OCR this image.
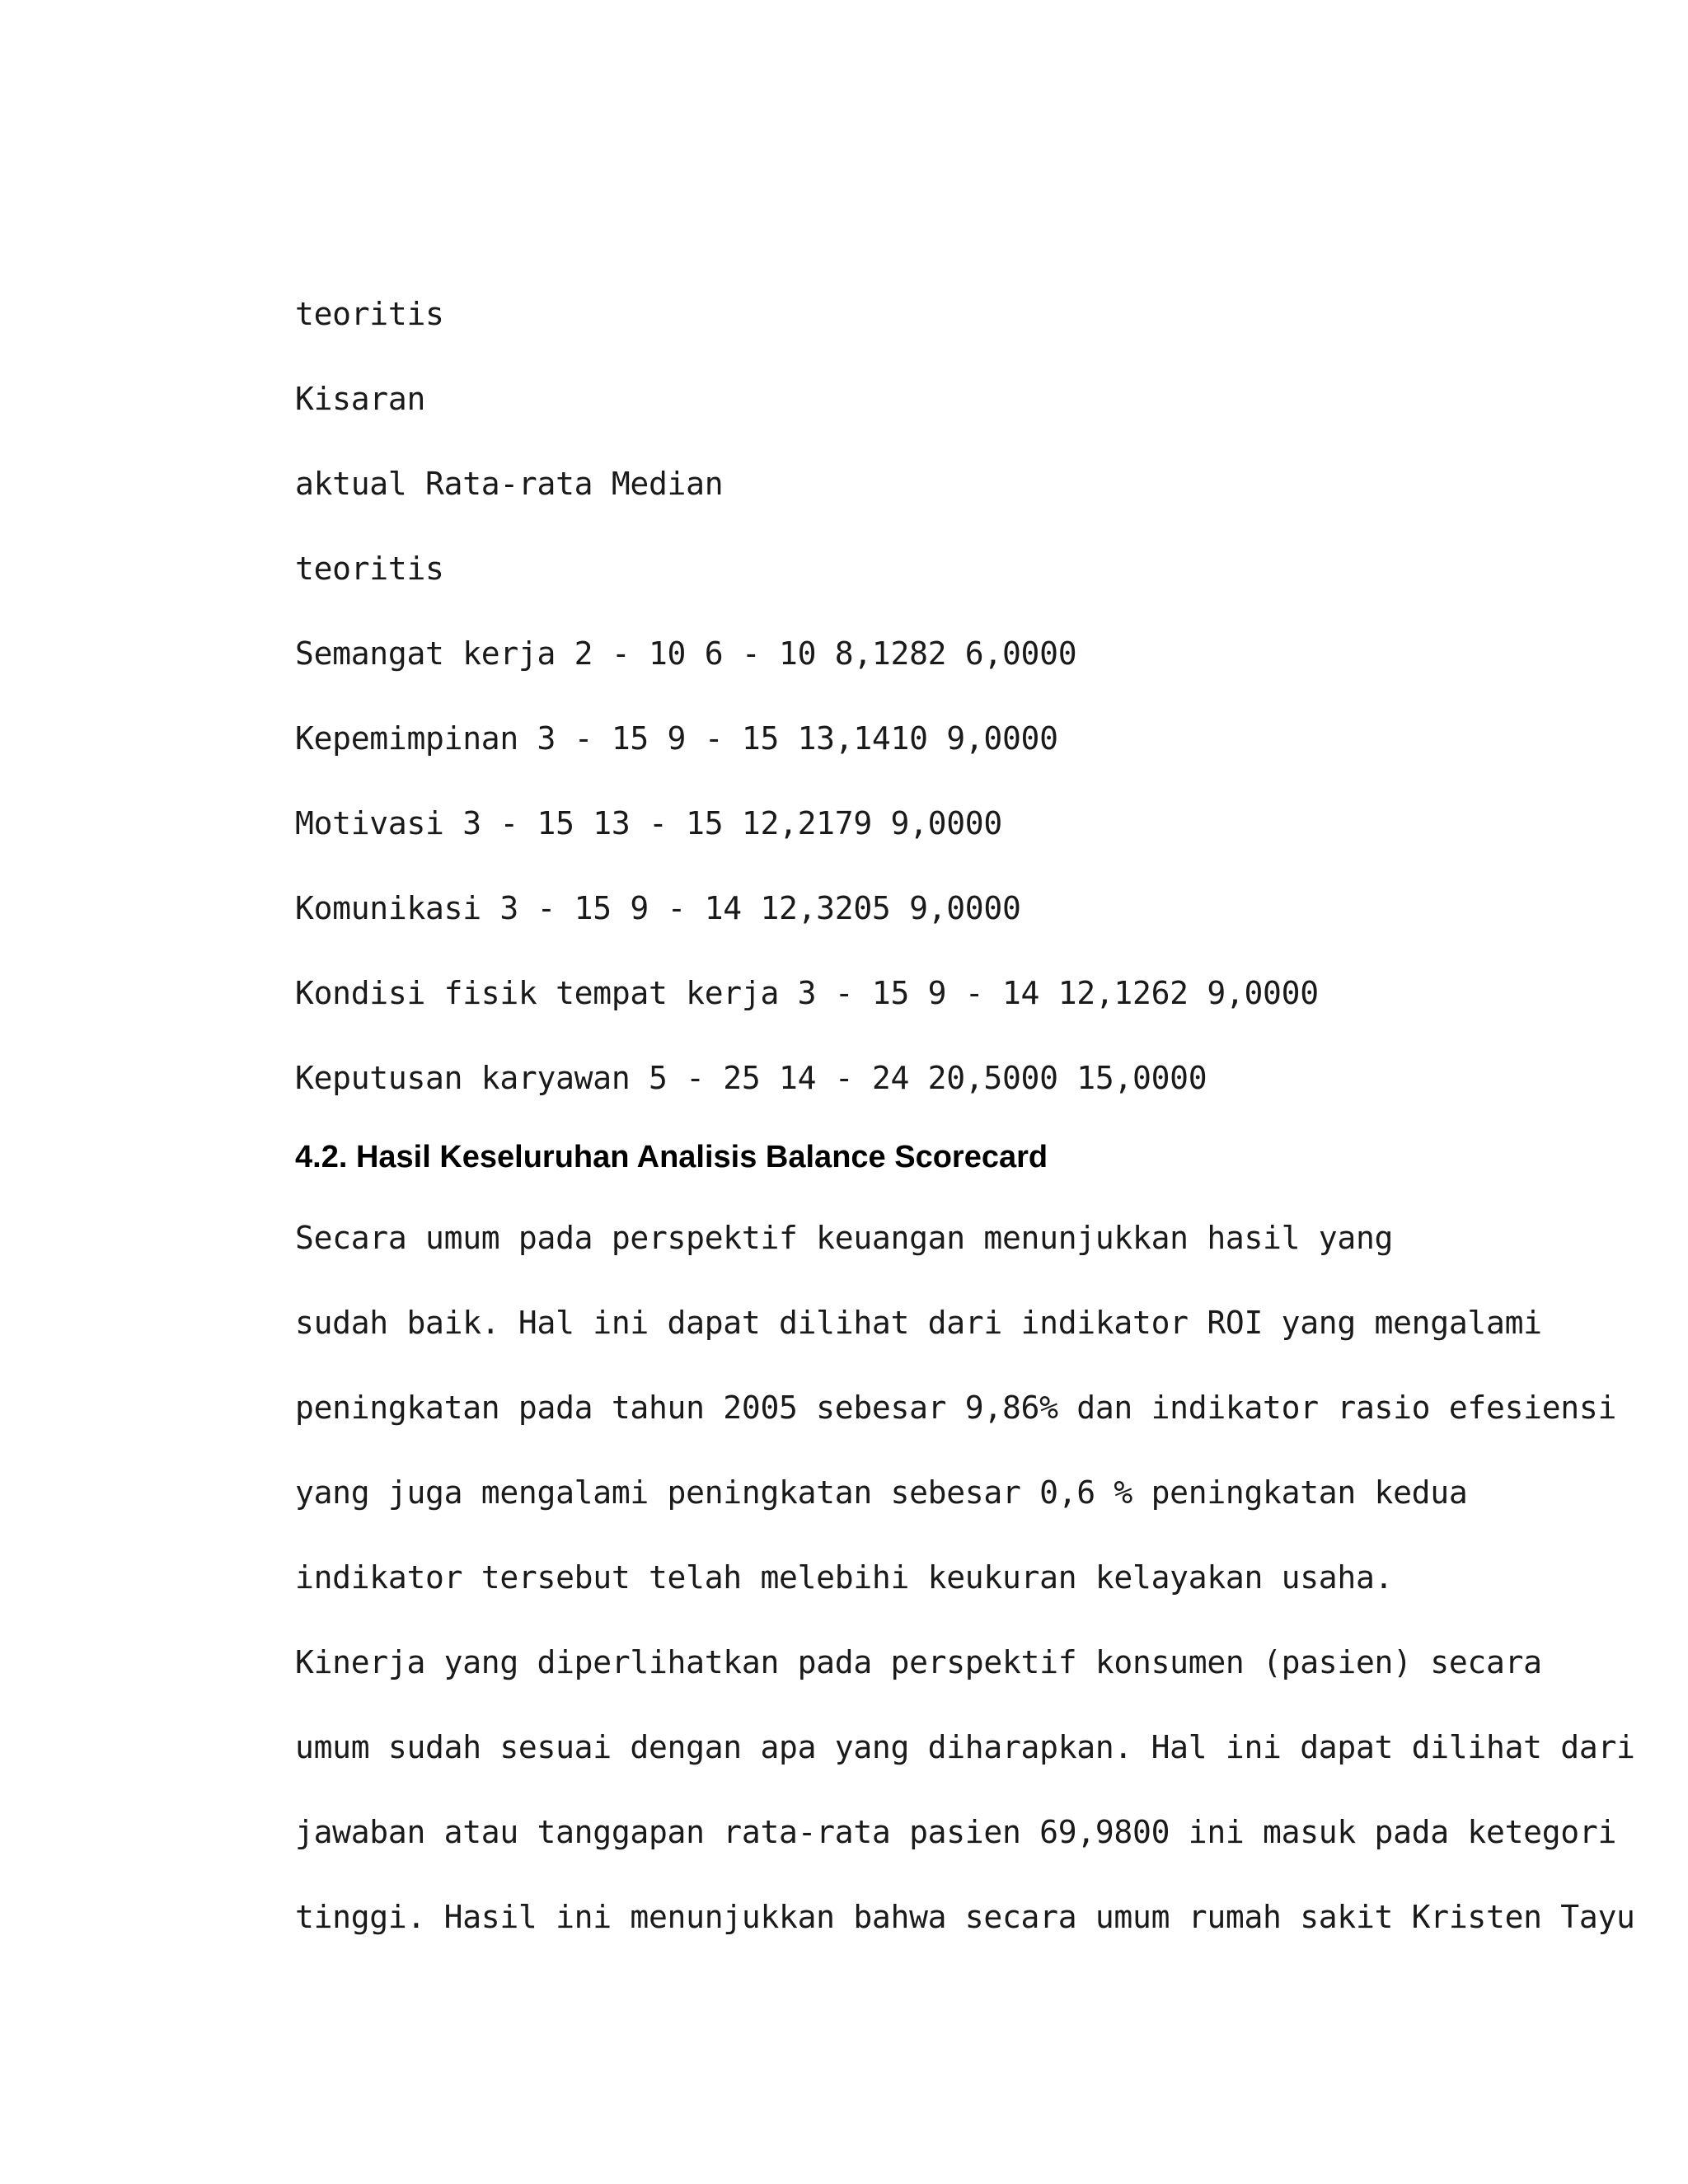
teoritis

Kisaran

aktual Rata-rata Median

teoritis

Semangat kerja 2 - 10 6 - 10 8,1282 6,0000

Kepemimpinan 3 - 15 9 - 15 13,1410 9,0000

Motivasi 3 - 15 13 - 15 12,2179 9,0000

Komunikasi 3 - 15 9 - 14 12,3205 9,0000

Kondisi fisik tempat kerja 3 - 15 9 - 14 12,1262 9,0000

Keputusan karyawan 5 - 25 14 - 24 20,5000 15,0000

4.2. Hasil Keseluruhan Analisis Balance Scorecard

Secara umum pada perspektif keuangan menunjukkan hasil yang

sudah baik. Hal ini dapat dilihat dari indikator ROI yang mengalami

peningkatan pada tahun 2005 sebesar 9,86% dan indikator rasio efesiensi

yang juga mengalami peningkatan sebesar 0,6 % peningkatan kedua

indikator tersebut telah melebihi keukuran kelayakan usaha.

Kinerja yang diperlihatkan pada perspektif konsumen (pasien) secara

umum sudah sesuai dengan apa yang diharapkan. Hal ini dapat dilihat dari

jawaban atau tanggapan rata-rata pasien 69,9800 ini masuk pada ketegori

tinggi. Hasil ini menunjukkan bahwa secara umum rumah sakit Kristen Tayu
